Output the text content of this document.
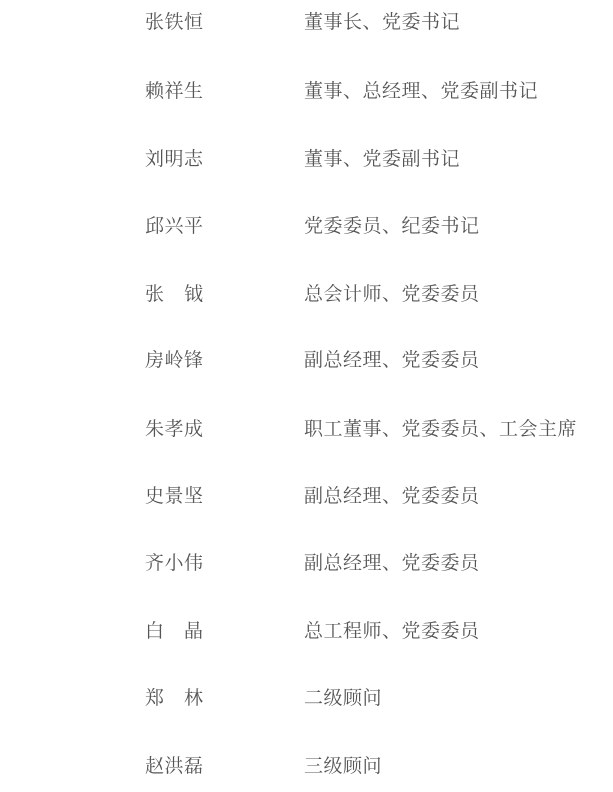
张铁恒	董事长、党委书记
赖祥生	董事、总经理、党委副书记
刘明志	董事、党委副书记
邱兴平	党委委员、纪委书记
张　钺	总会计师、党委委员
房岭锋	副总经理、党委委员
朱孝成	职工董事、党委委员、工会主席
史景坚	副总经理、党委委员
齐小伟	副总经理、党委委员
白　晶	总工程师、党委委员
郑　林	二级顾问
赵洪磊	三级顾问
